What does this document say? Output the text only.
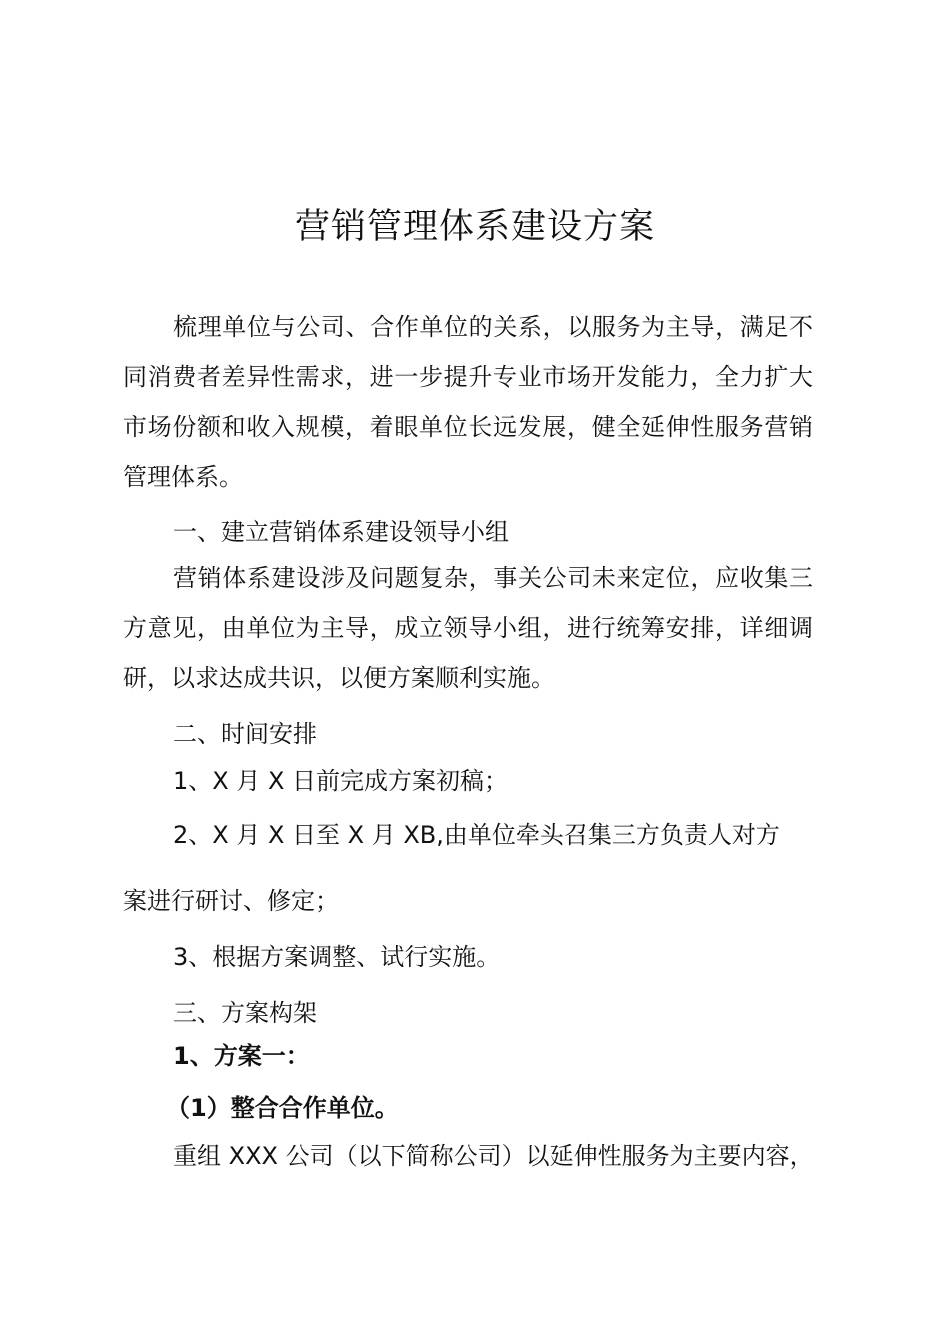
营销管理体系建设方案

梳理单位与公司、合作单位的关系，以服务为主导，满足不同消费者差异性需求，进一步提升专业市场开发能力，全力扩大市场份额和收入规模，着眼单位长远发展，健全延伸性服务营销管理体系。

一、建立营销体系建设领导小组

营销体系建设涉及问题复杂，事关公司未来定位，应收集三方意见，由单位为主导，成立领导小组，进行统筹安排，详细调研，以求达成共识，以便方案顺利实施。

二、时间安排

1、X 月 X 日前完成方案初稿；

2、X 月 X 日至 X 月 XB,由单位牵头召集三方负责人对方

案进行研讨、修定；

3、根据方案调整、试行实施。

三、方案构架

1、方案一：

（1）整合合作单位。

重组 XXX 公司（以下简称公司）以延伸性服务为主要内容，
